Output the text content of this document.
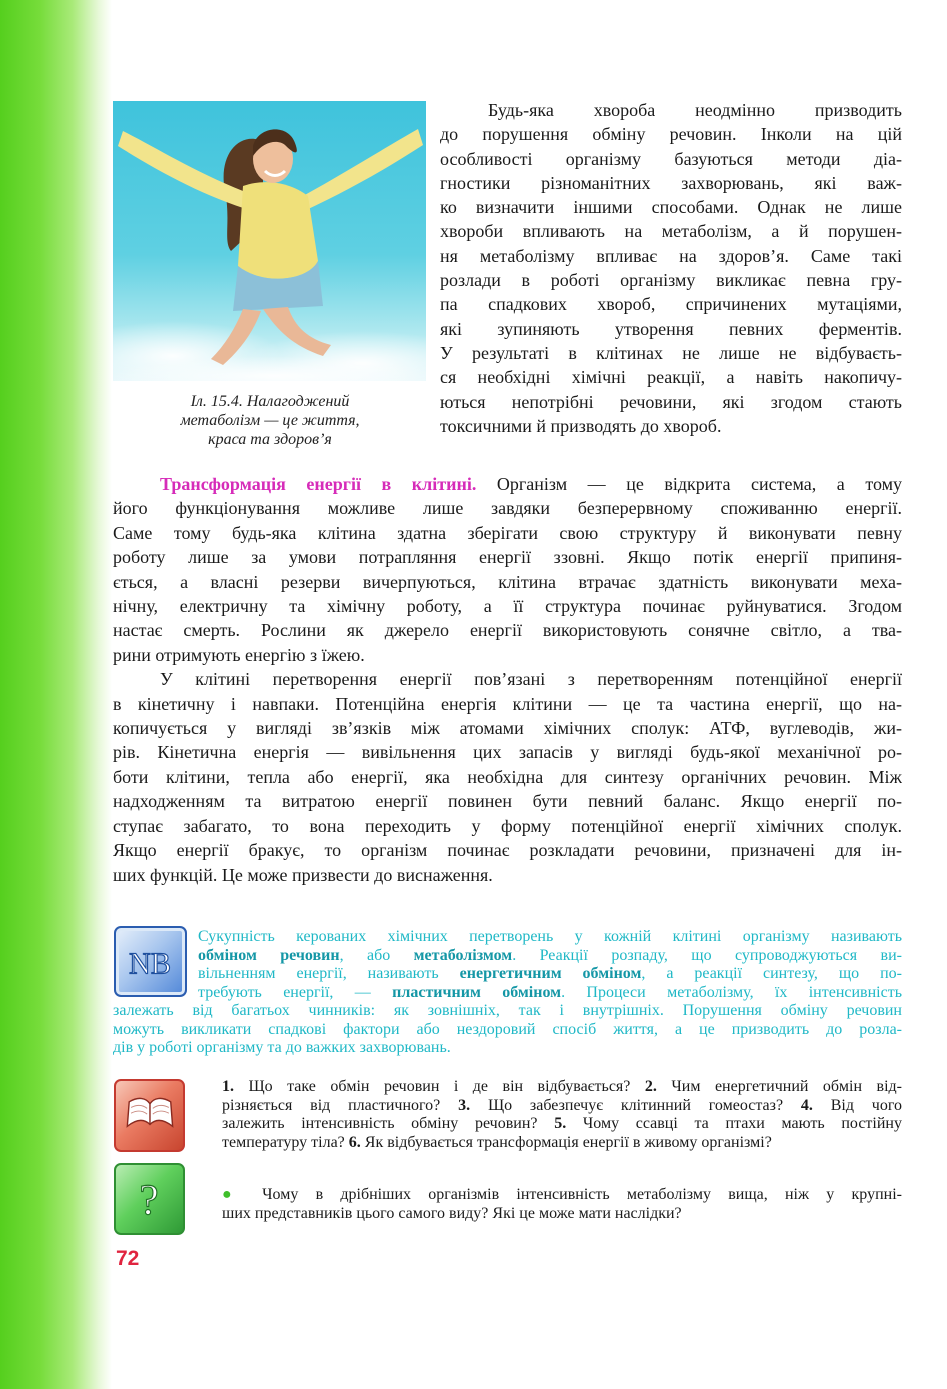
Іл. 15.4. Налагоджений
метаболізм — це життя,
краса та здоров’я
Будь-яка хвороба неодмінно призводить
до порушення обміну речовин. Інколи на цій
особливості організму базуються методи діа-
гностики різноманітних захворювань, які важ-
ко визначити іншими способами. Однак не лише
хвороби впливають на метаболізм, а й порушен-
ня метаболізму впливає на здоров’я. Саме такі
розлади в роботі організму викликає певна гру-
па спадкових хвороб, спричинених мутаціями,
які зупиняють утворення певних ферментів.
У результаті в клітинах не лише не відбуваєть-
ся необхідні хімічні реакції, а навіть накопичу-
ються непотрібні речовини, які згодом стають
токсичними й призводять до хвороб.
Трансформація енергії в клітині. Організм — це відкрита система, а тому
його функціонування можливе лише завдяки безперервному споживанню енергії.
Саме тому будь-яка клітина здатна зберігати свою структуру й виконувати певну
роботу лише за умови потрапляння енергії ззовні. Якщо потік енергії припиня-
ється, а власні резерви вичерпуються, клітина втрачає здатність виконувати меха-
нічну, електричну та хімічну роботу, а її структура починає руйнуватися. Згодом
настає смерть. Рослини як джерело енергії використовують сонячне світло, а тва-
рини отримують енергію з їжею.
У клітині перетворення енергії пов’язані з перетворенням потенційної енергії
в кінетичну і навпаки. Потенційна енергія клітини — це та частина енергії, що на-
копичується у вигляді зв’язків між атомами хімічних сполук: АТФ, вуглеводів, жи-
рів. Кінетична енергія — вивільнення цих запасів у вигляді будь-якої механічної ро-
боти клітини, тепла або енергії, яка необхідна для синтезу органічних речовин. Між
надходженням та витратою енергії повинен бути певний баланс. Якщо енергії по-
ступає забагато, то вона переходить у форму потенційної енергії хімічних сполук.
Якщо енергії бракує, то організм починає розкладати речовини, призначені для ін-
ших функцій. Це може призвести до виснаження.
NB
Сукупність керованих хімічних перетворень у кожній клітині організму називають
обміном речовин, або метаболізмом. Реакції розпаду, що супроводжуються ви-
вільненням енергії, називають енергетичним обміном, а реакції синтезу, що по-
требують енергії, — пластичним обміном. Процеси метаболізму, їх інтенсивність
залежать від багатьох чинників: як зовнішніх, так і внутрішніх. Порушення обміну речовин
можуть викликати спадкові фактори або нездоровий спосіб життя, а це призводить до розла-
дів у роботі організму та до важких захворювань.
1. Що таке обмін речовин і де він відбувається? 2. Чим енергетичний обмін від-
різняється від пластичного? 3. Що забезпечує клітинний гомеостаз? 4. Від чого
залежить інтенсивність обміну речовин? 5. Чому ссавці та птахи мають постійну
температуру тіла? 6. Як відбувається трансформація енергії в живому організмі?
?	● Чому в дрібніших організмів інтенсивність метаболізму вища, ніж у крупні-
ших представників цього самого виду? Які це може мати наслідки?
72
